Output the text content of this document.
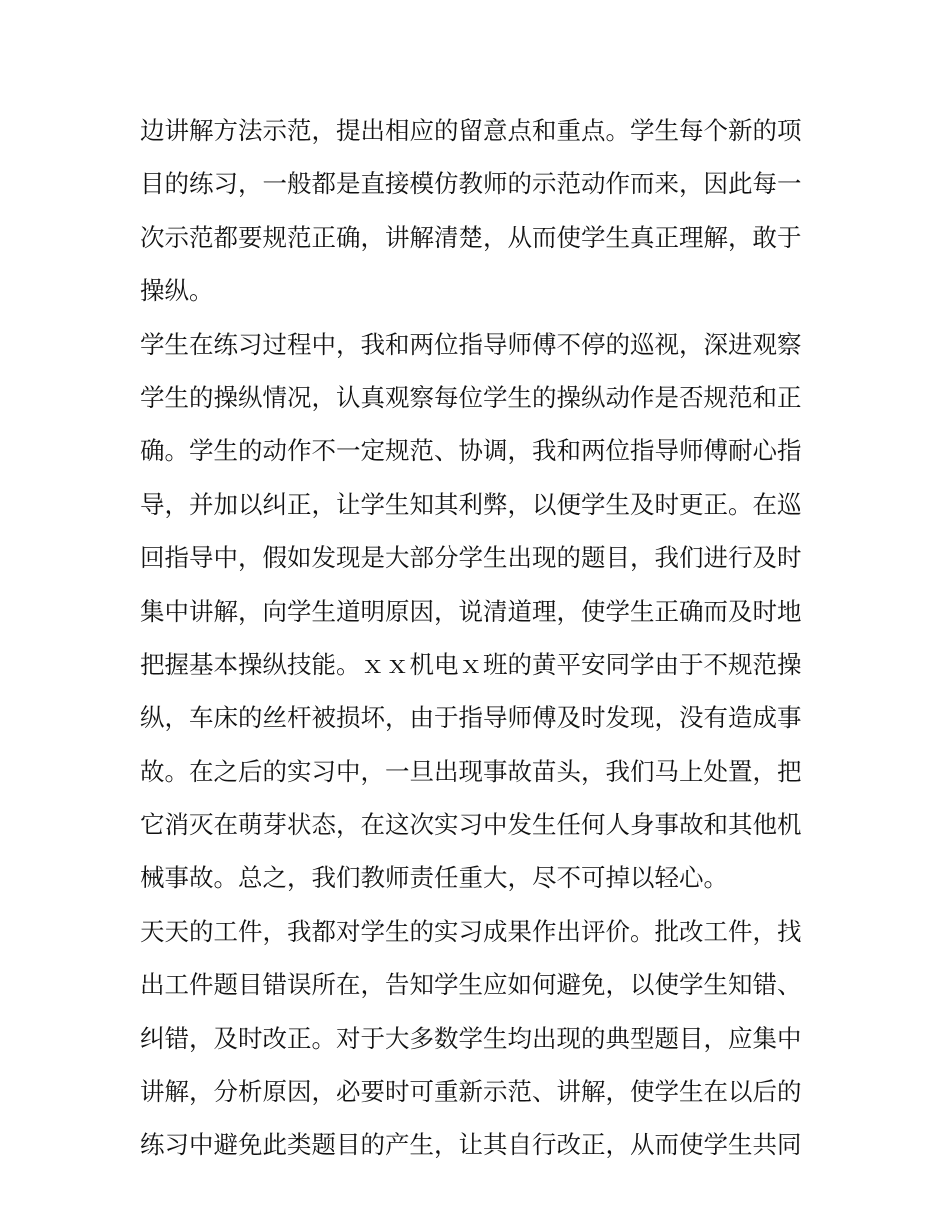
边讲解方法示范，提出相应的留意点和重点。学生每个新的项
目的练习，一般都是直接模仿教师的示范动作而来，因此每一
次示范都要规范正确，讲解清楚，从而使学生真正理解，敢于
操纵。
学生在练习过程中，我和两位指导师傅不停的巡视，深进观察
学生的操纵情况，认真观察每位学生的操纵动作是否规范和正
确。学生的动作不一定规范、协调，我和两位指导师傅耐心指
导，并加以纠正，让学生知其利弊，以便学生及时更正。在巡
回指导中，假如发现是大部分学生出现的题目，我们进行及时
集中讲解，向学生道明原因，说清道理，使学生正确而及时地
把握基本操纵技能。ｘｘ机电ｘ班的黄平安同学由于不规范操
纵，车床的丝杆被损坏，由于指导师傅及时发现，没有造成事
故。在之后的实习中，一旦出现事故苗头，我们马上处置，把
它消灭在萌芽状态，在这次实习中发生任何人身事故和其他机
械事故。总之，我们教师责任重大，尽不可掉以轻心。
天天的工件，我都对学生的实习成果作出评价。批改工件，找
出工件题目错误所在，告知学生应如何避免，以使学生知错、
纠错，及时改正。对于大多数学生均出现的典型题目，应集中
讲解，分析原因，必要时可重新示范、讲解，使学生在以后的
练习中避免此类题目的产生，让其自行改正，从而使学生共同
